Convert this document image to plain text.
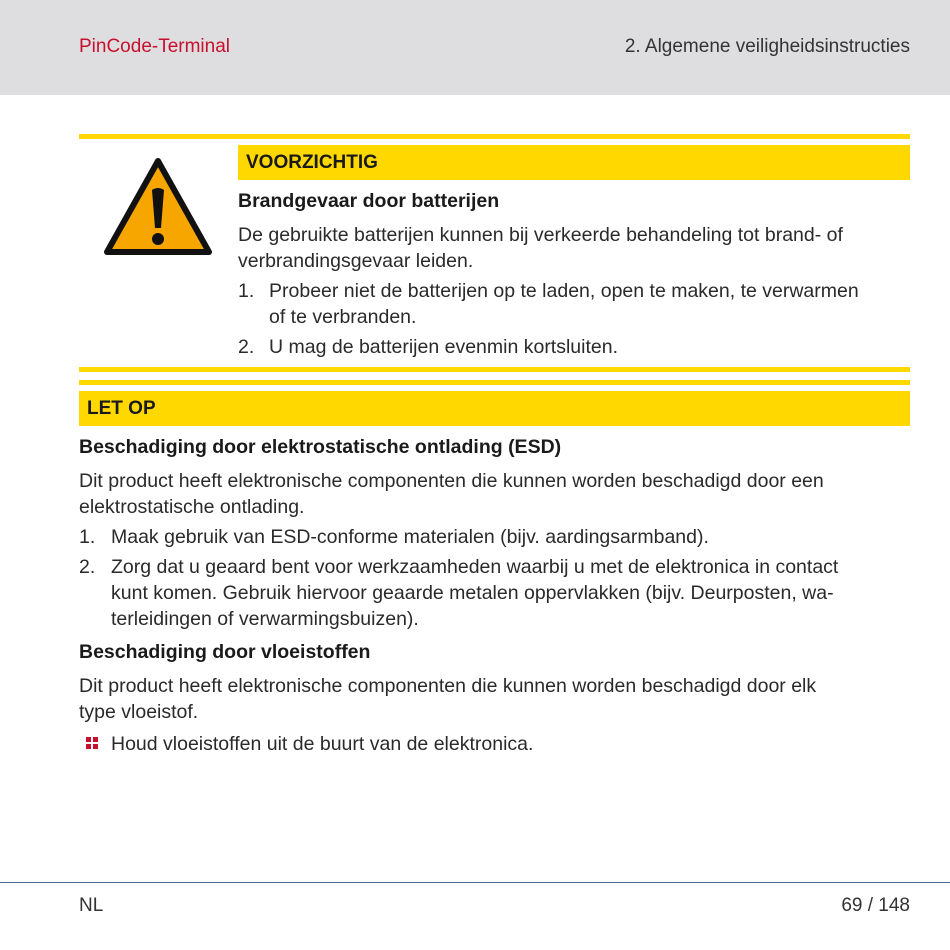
PinCode-Terminal	2. Algemene veiligheidsinstructies
VOORZICHTIG
Brandgevaar door batterijen
De gebruikte batterijen kunnen bij verkeerde behandeling tot brand- of
verbrandingsgevaar leiden.
1. Probeer niet de batterijen op te laden, open te maken, te verwarmen
of te verbranden.
2. U mag de batterijen evenmin kortsluiten.
LET OP
Beschadiging door elektrostatische ontlading (ESD)
Dit product heeft elektronische componenten die kunnen worden beschadigd door een
elektrostatische ontlading.
1. Maak gebruik van ESD-conforme materialen (bijv. aardingsarmband).
2. Zorg dat u geaard bent voor werkzaamheden waarbij u met de elektronica in contact
kunt komen. Gebruik hiervoor geaarde metalen oppervlakken (bijv. Deurposten, wa-
terleidingen of verwarmingsbuizen).
Beschadiging door vloeistoffen
Dit product heeft elektronische componenten die kunnen worden beschadigd door elk
type vloeistof.
Houd vloeistoffen uit de buurt van de elektronica.
NL	69 / 148
